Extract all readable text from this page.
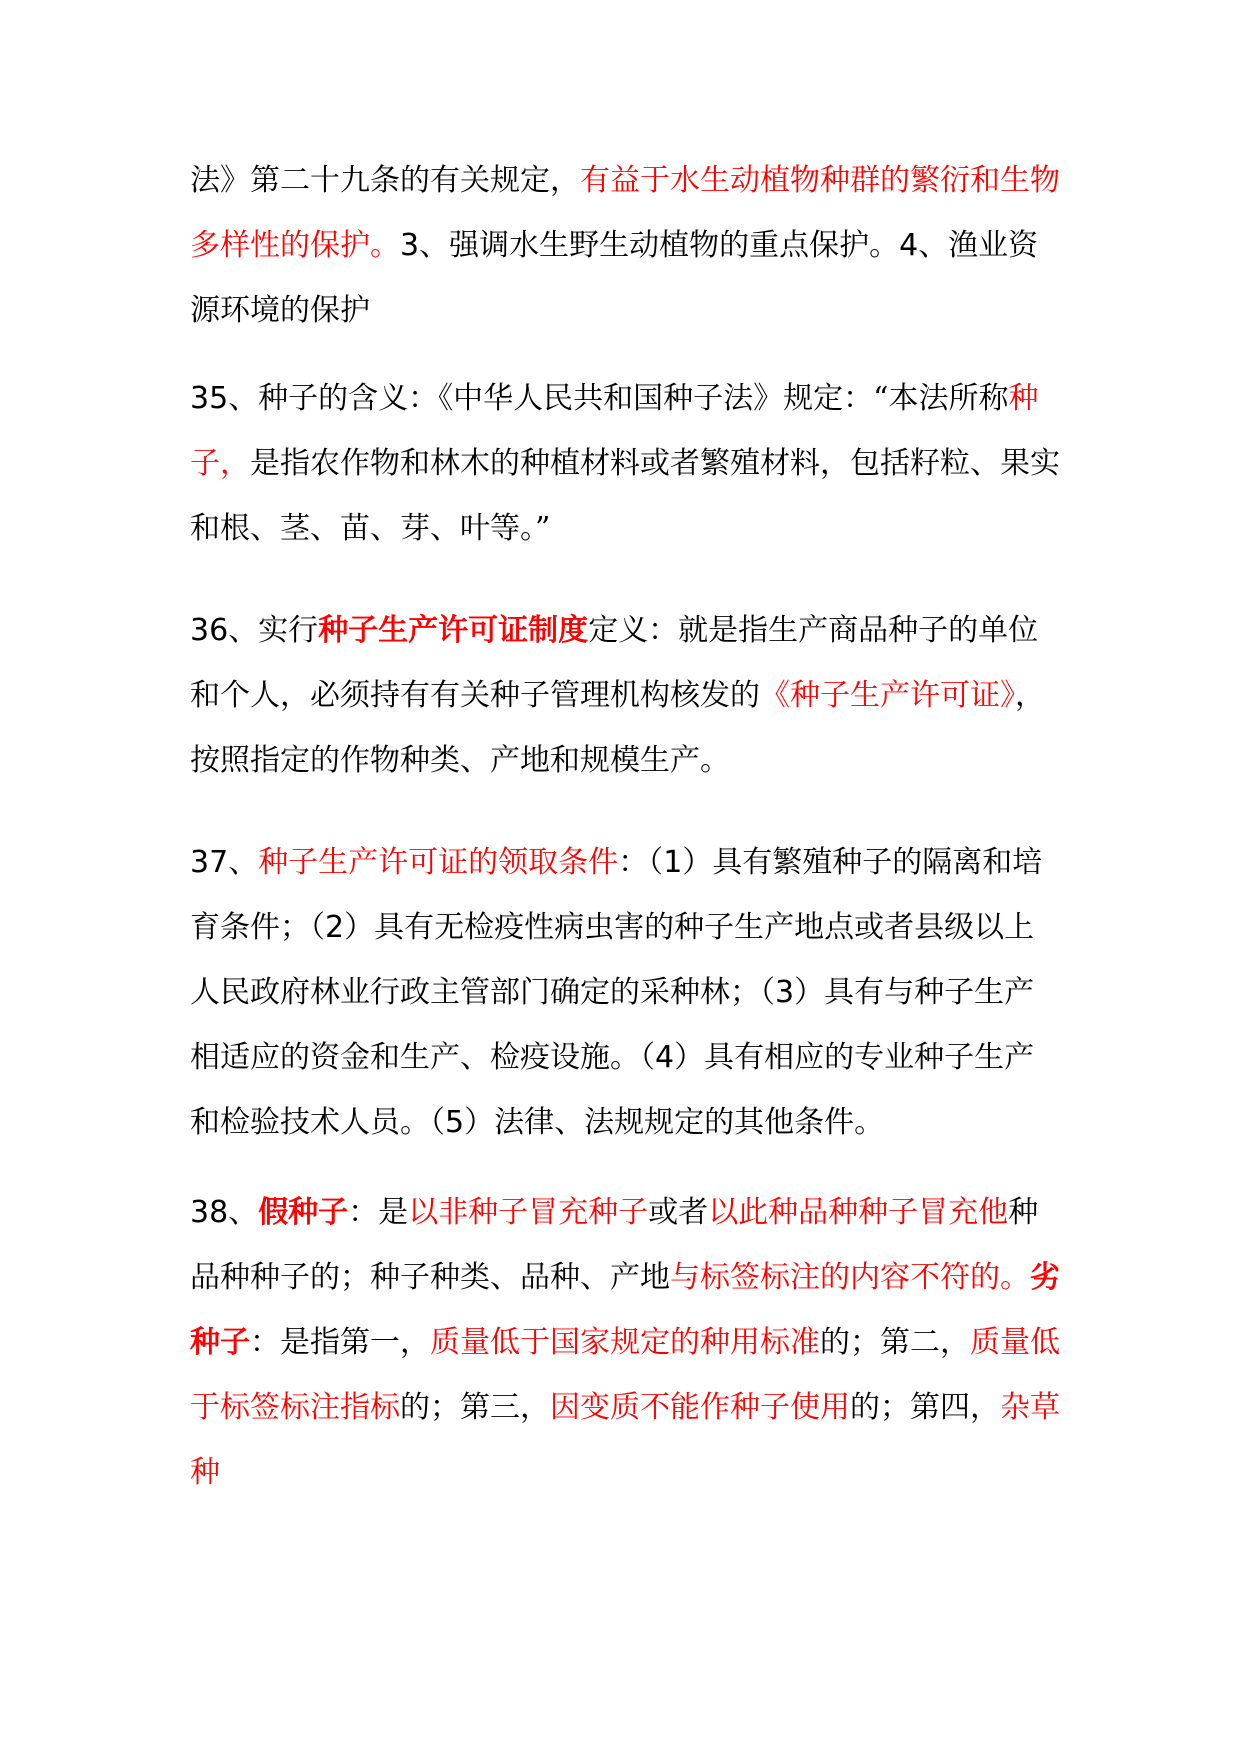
法》第二十九条的有关规定，有益于水生动植物种群的繁衍和生物多样性的保护。3、强调水生野生动植物的重点保护。4、渔业资源环境的保护

35、种子的含义：《中华人民共和国种子法》规定：“本法所称种子，是指农作物和林木的种植材料或者繁殖材料，包括籽粒、果实和根、茎、苗、芽、叶等。”

36、实行种子生产许可证制度定义：就是指生产商品种子的单位和个人，必须持有有关种子管理机构核发的《种子生产许可证》，按照指定的作物种类、产地和规模生产。

37、种子生产许可证的领取条件：（1）具有繁殖种子的隔离和培育条件；（2）具有无检疫性病虫害的种子生产地点或者县级以上人民政府林业行政主管部门确定的采种林；（3）具有与种子生产相适应的资金和生产、检疫设施。（4）具有相应的专业种子生产和检验技术人员。（5）法律、法规规定的其他条件。

38、假种子：是以非种子冒充种子或者以此种品种种子冒充他种品种种子的；种子种类、品种、产地与标签标注的内容不符的。劣种子：是指第一，质量低于国家规定的种用标准的；第二，质量低于标签标注指标的；第三，因变质不能作种子使用的；第四，杂草种
